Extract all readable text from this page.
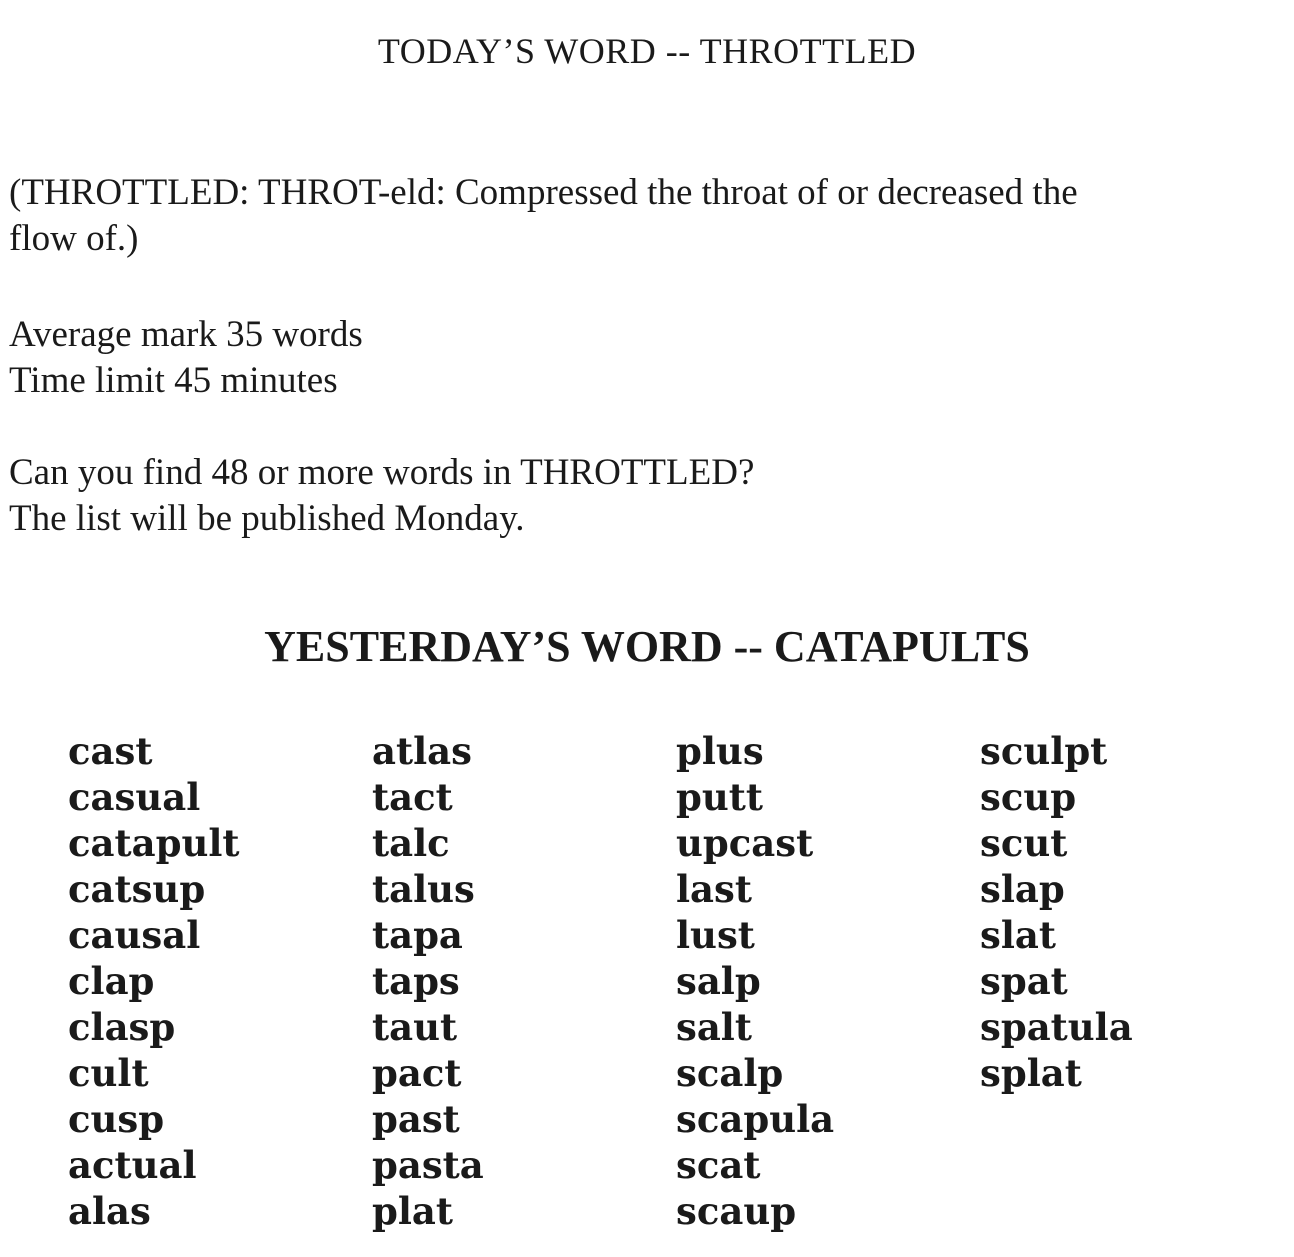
TODAY’S WORD -- THROTTLED
(THROTTLED: THROT-eld: Compressed the throat of or decreased the
flow of.)
Average mark 35 words
Time limit 45 minutes
Can you find 48 or more words in THROTTLED?
The list will be published Monday.
YESTERDAY’S WORD -- CATAPULTS
cast
casual
catapult
catsup
causal
clap
clasp
cult
cusp
actual
alas
atlas
tact
talc
talus
tapa
taps
taut
pact
past
pasta
plat
plus
putt
upcast
last
lust
salp
salt
scalp
scapula
scat
scaup
sculpt
scup
scut
slap
slat
spat
spatula
splat
